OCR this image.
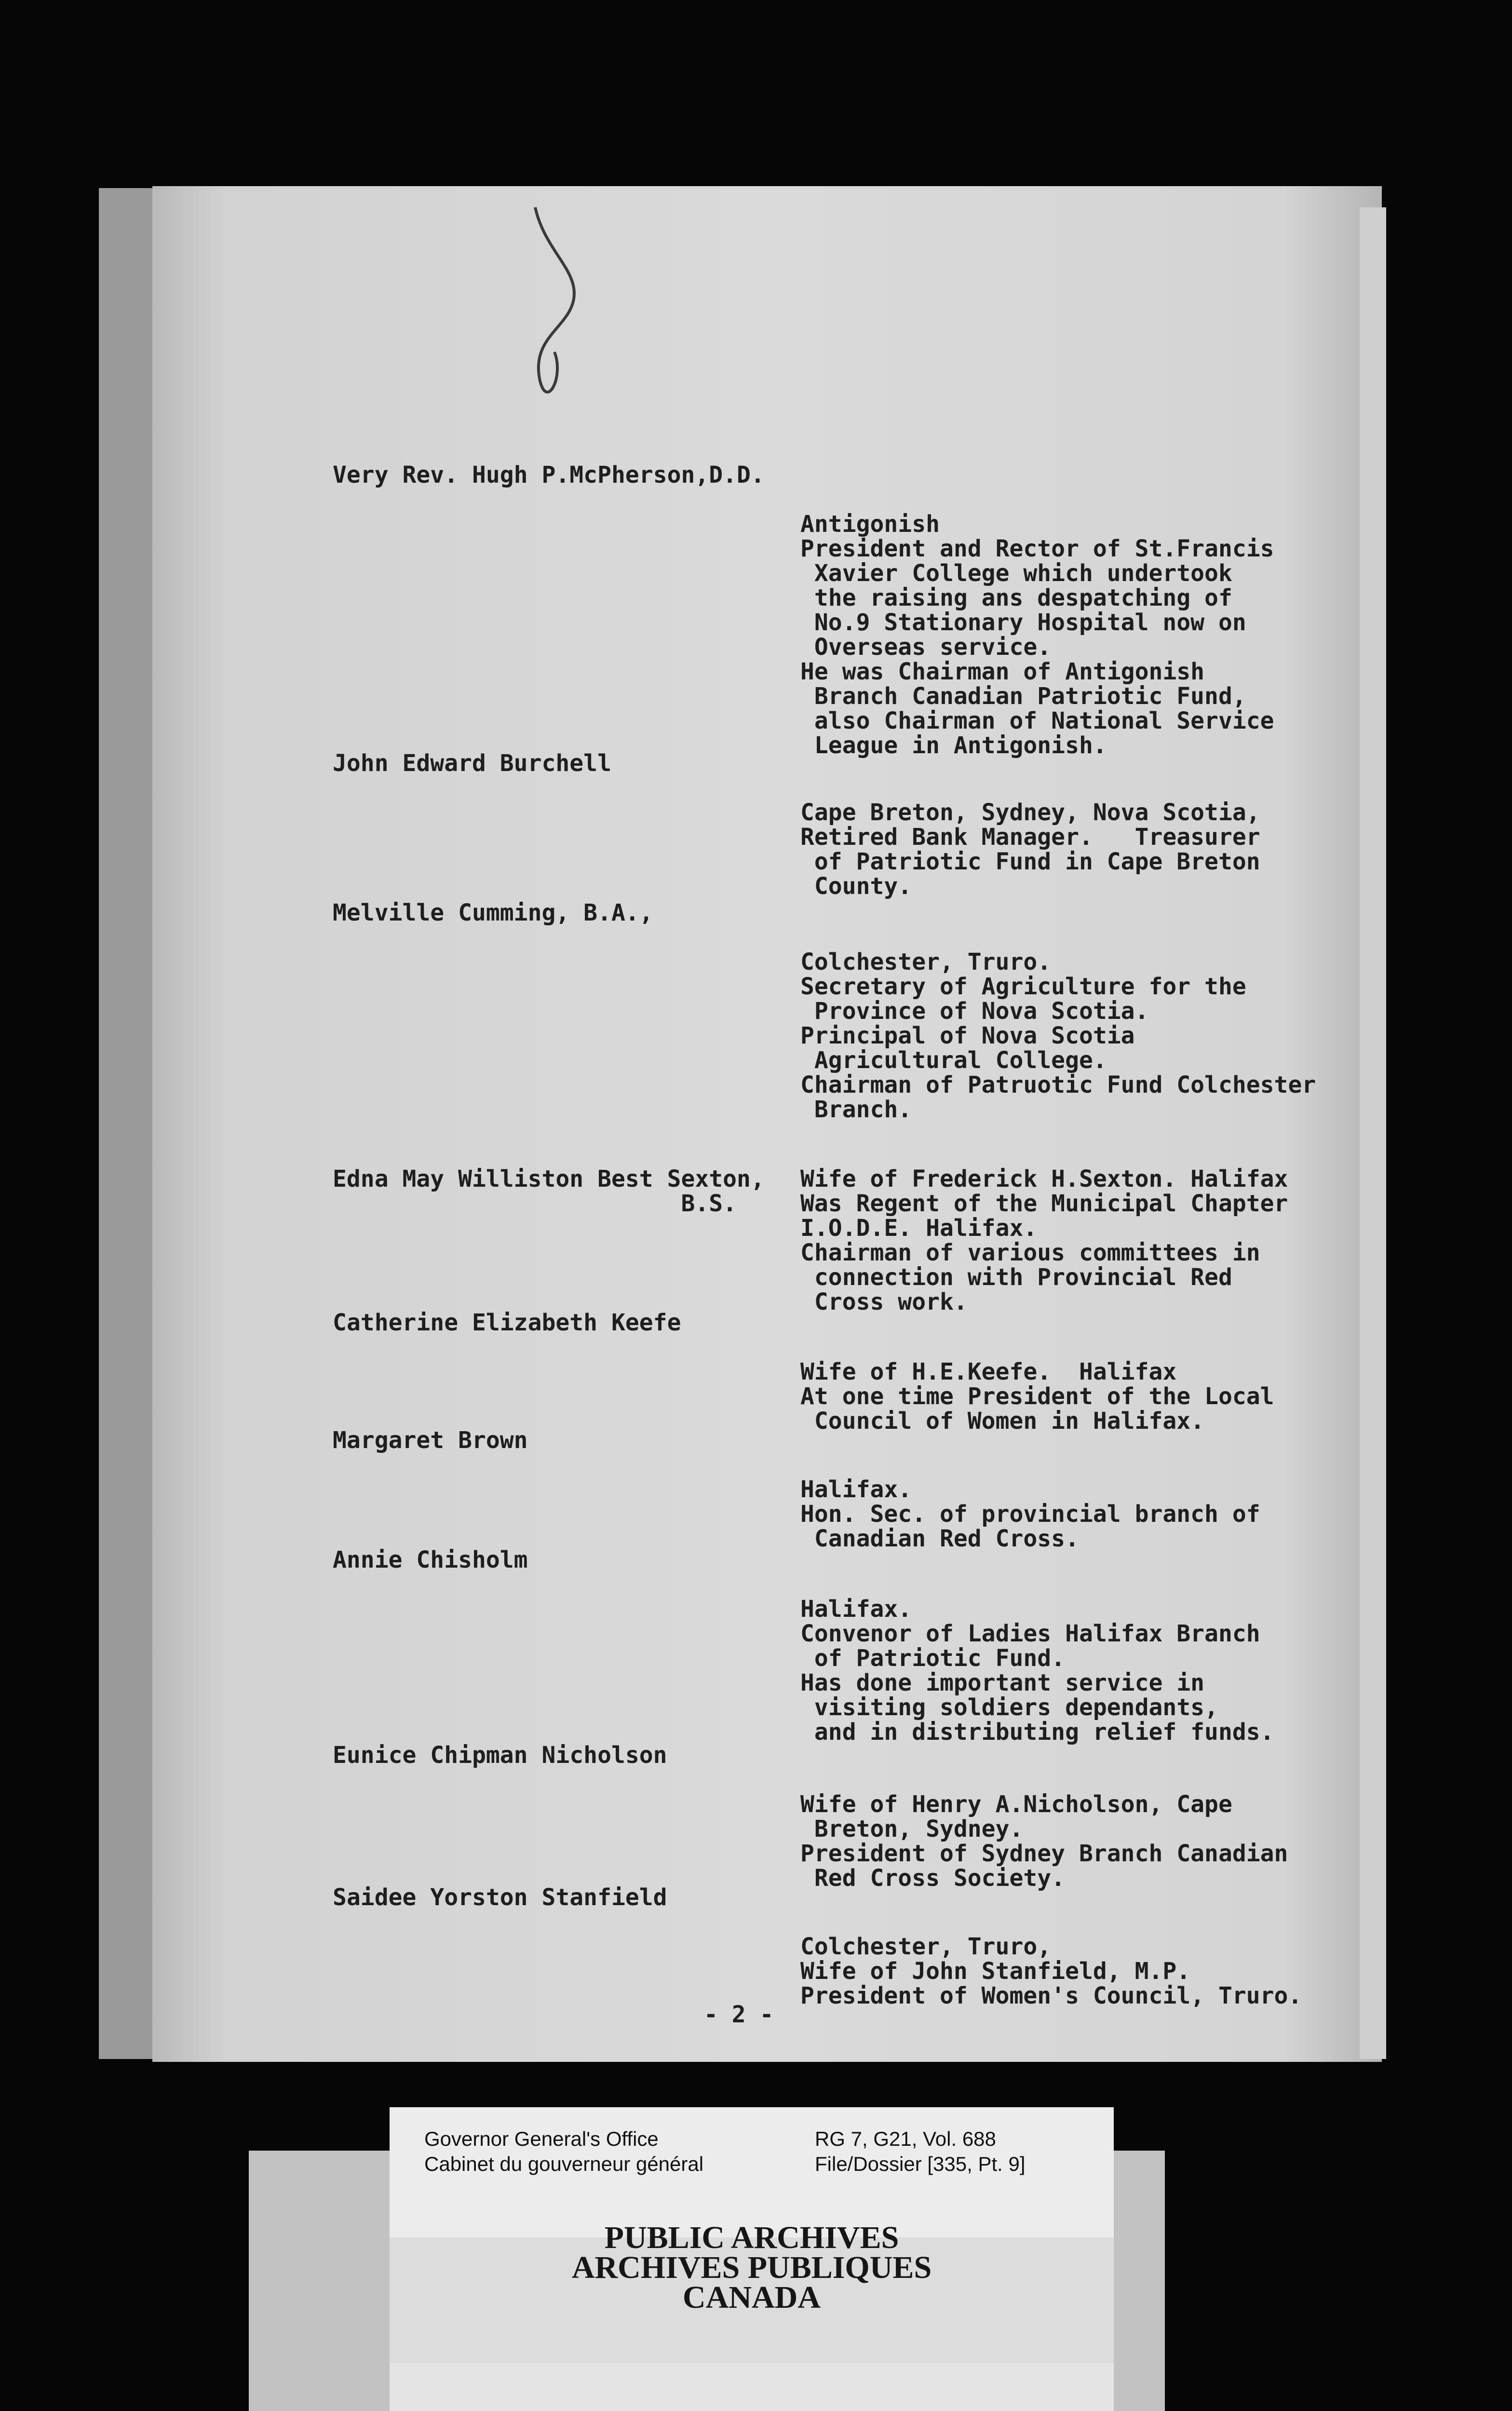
Very Rev. Hugh P.McPherson,D.D.

Antigonish
President and Rector of St.Francis
Xavier College which undertook
the raising ans despatching of
No.9 Stationary Hospital now on
Overseas service.
He was Chairman of Antigonish
Branch Canadian Patriotic Fund,
also Chairman of National Service
League in Antigonish.

John Edward Burchell

Cape Breton, Sydney, Nova Scotia,
Retired Bank Manager.   Treasurer
of Patriotic Fund in Cape Breton
County.

Melville Cumming, B.A.,

Colchester, Truro.
Secretary of Agriculture for the
Province of Nova Scotia.
Principal of Nova Scotia
Agricultural College.
Chairman of Patruotic Fund Colchester
Branch.

Edna May Williston Best Sexton,
B.S.

Wife of Frederick H.Sexton. Halifax
Was Regent of the Municipal Chapter
I.O.D.E. Halifax.
Chairman of various committees in
connection with Provincial Red
Cross work.

Catherine Elizabeth Keefe

Wife of H.E.Keefe.  Halifax
At one time President of the Local
Council of Women in Halifax.

Margaret Brown

Halifax.
Hon. Sec. of provincial branch of
Canadian Red Cross.

Annie Chisholm

Halifax.
Convenor of Ladies Halifax Branch
of Patriotic Fund.
Has done important service in
visiting soldiers dependants,
and in distributing relief funds.

Eunice Chipman Nicholson

Wife of Henry A.Nicholson, Cape
Breton, Sydney.
President of Sydney Branch Canadian
Red Cross Society.

Saidee Yorston Stanfield

Colchester, Truro,
Wife of John Stanfield, M.P.
President of Women's Council, Truro.

- 2 -
Governor General's Office
Cabinet du gouverneur général
RG 7, G21, Vol. 688
File/Dossier [335, Pt. 9]
PUBLIC ARCHIVES
ARCHIVES PUBLIQUES
CANADA
